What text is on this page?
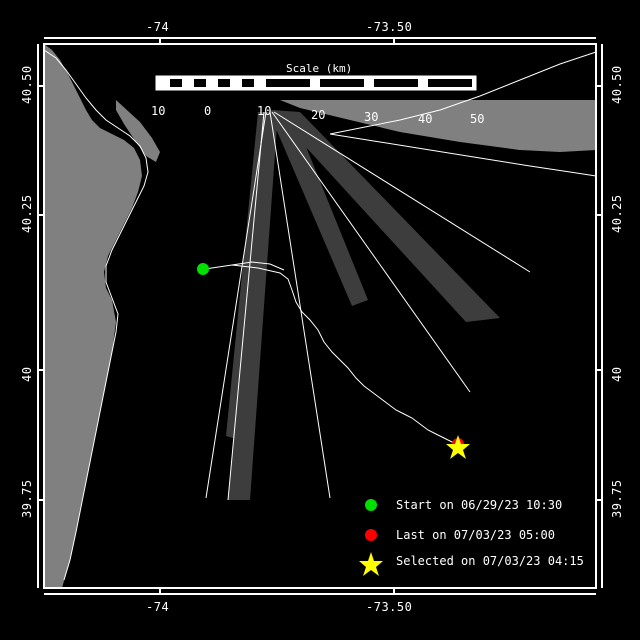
-74	-73.50
-74	-73.50
40.50
40.25
40
39.75
40.50
40.25
40
39.75
Scale (km)
10	0	10	20	30	40	50
Start on 06/29/23 10:30
Last on 07/03/23 05:00
Selected on 07/03/23 04:15
